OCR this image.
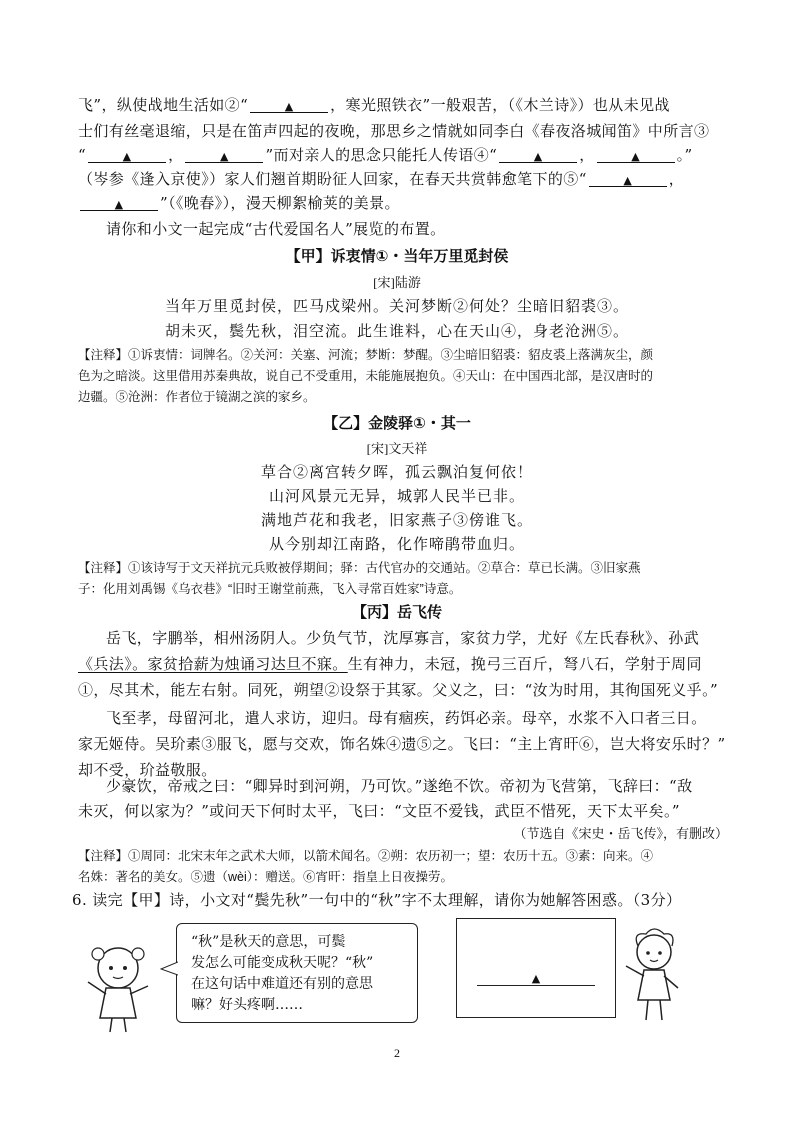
飞”，纵使战地生活如②“	▲ ，寒光照铁衣”一般艰苦，（《木兰诗》）也从未见战
士们有丝毫退缩，只是在笛声四起的夜晚，那思乡之情就如同李白《春夜洛城闻笛》中所言③
“	▲ ，	▲ ”而对亲人的思念只能托人传语④“	▲ ，	▲ 。”
（岑参《逢入京使》）家人们翘首期盼征人回家，在春天共赏韩愈笔下的⑤“	▲ ，
▲ ”（《晚春》），漫天柳絮榆荚的美景。
请你和小文一起完成“古代爱国名人”展览的布置。
【甲】诉衷情①・当年万里觅封侯
[宋]陆游
当年万里觅封侯，匹马戍梁州。关河梦断②何处？尘暗旧貂裘③。
胡未灭，鬓先秋，泪空流。此生谁料，心在天山④，身老沧洲⑤。
【注释】①诉衷情：词牌名。②关河：关塞、河流；梦断：梦醒。③尘暗旧貂裘：貂皮裘上落满灰尘，颜
色为之暗淡。这里借用苏秦典故，说自己不受重用，未能施展抱负。④天山：在中国西北部，是汉唐时的
边疆。⑤沧洲：作者位于镜湖之滨的家乡。
【乙】金陵驿①・其一
[宋]文天祥
草合②离宫转夕晖，孤云飘泊复何依！
山河风景元无异，城郭人民半已非。
满地芦花和我老，旧家燕子③傍谁飞。
从今别却江南路，化作啼鹃带血归。
【注释】①该诗写于文天祥抗元兵败被俘期间；驿：古代官办的交通站。②草合：草已长满。③旧家燕
子：化用刘禹锡《乌衣巷》“旧时王谢堂前燕，飞入寻常百姓家”诗意。
【丙】岳飞传
岳飞，字鹏举，相州汤阴人。少负气节，沈厚寡言，家贫力学，尤好《左氏春秋》、孙武
《兵法》。家贫拾薪为烛诵习达旦不寐。生有神力，未冠，挽弓三百斤，弩八石，学射于周同
①，尽其术，能左右射。同死，朔望②设祭于其冢。父义之，曰：“汝为时用，其徇国死义乎。”
飞至孝，母留河北，遣人求访，迎归。母有痼疾，药饵必亲。母卒，水浆不入口者三日。
家无姬侍。吴玠素③服飞，愿与交欢，饰名姝④遗⑤之。飞曰：“主上宵旰⑥，岂大将安乐时？”
却不受，玠益敬服。
少豪饮，帝戒之曰：“卿异时到河朔，乃可饮。”遂绝不饮。帝初为飞营第，飞辞曰：“敌
未灭，何以家为？”或问天下何时太平，飞曰：“文臣不爱钱，武臣不惜死，天下太平矣。”
（节选自《宋史・岳飞传》，有删改）
【注释】①周同：北宋末年之武术大师，以箭术闻名。②朔：农历初一；望：农历十五。③素：向来。④
名姝：著名的美女。⑤遗（wèi）：赠送。⑥宵旰：指皇上日夜操劳。
6. 读完【甲】诗，小文对“鬓先秋”一句中的“秋”字不太理解，请你为她解答困惑。（3分）
“秋”是秋天的意思，可鬓
发怎么可能变成秋天呢？“秋”
在这句话中难道还有别的意思
嘛？好头疼啊……
▲
2
